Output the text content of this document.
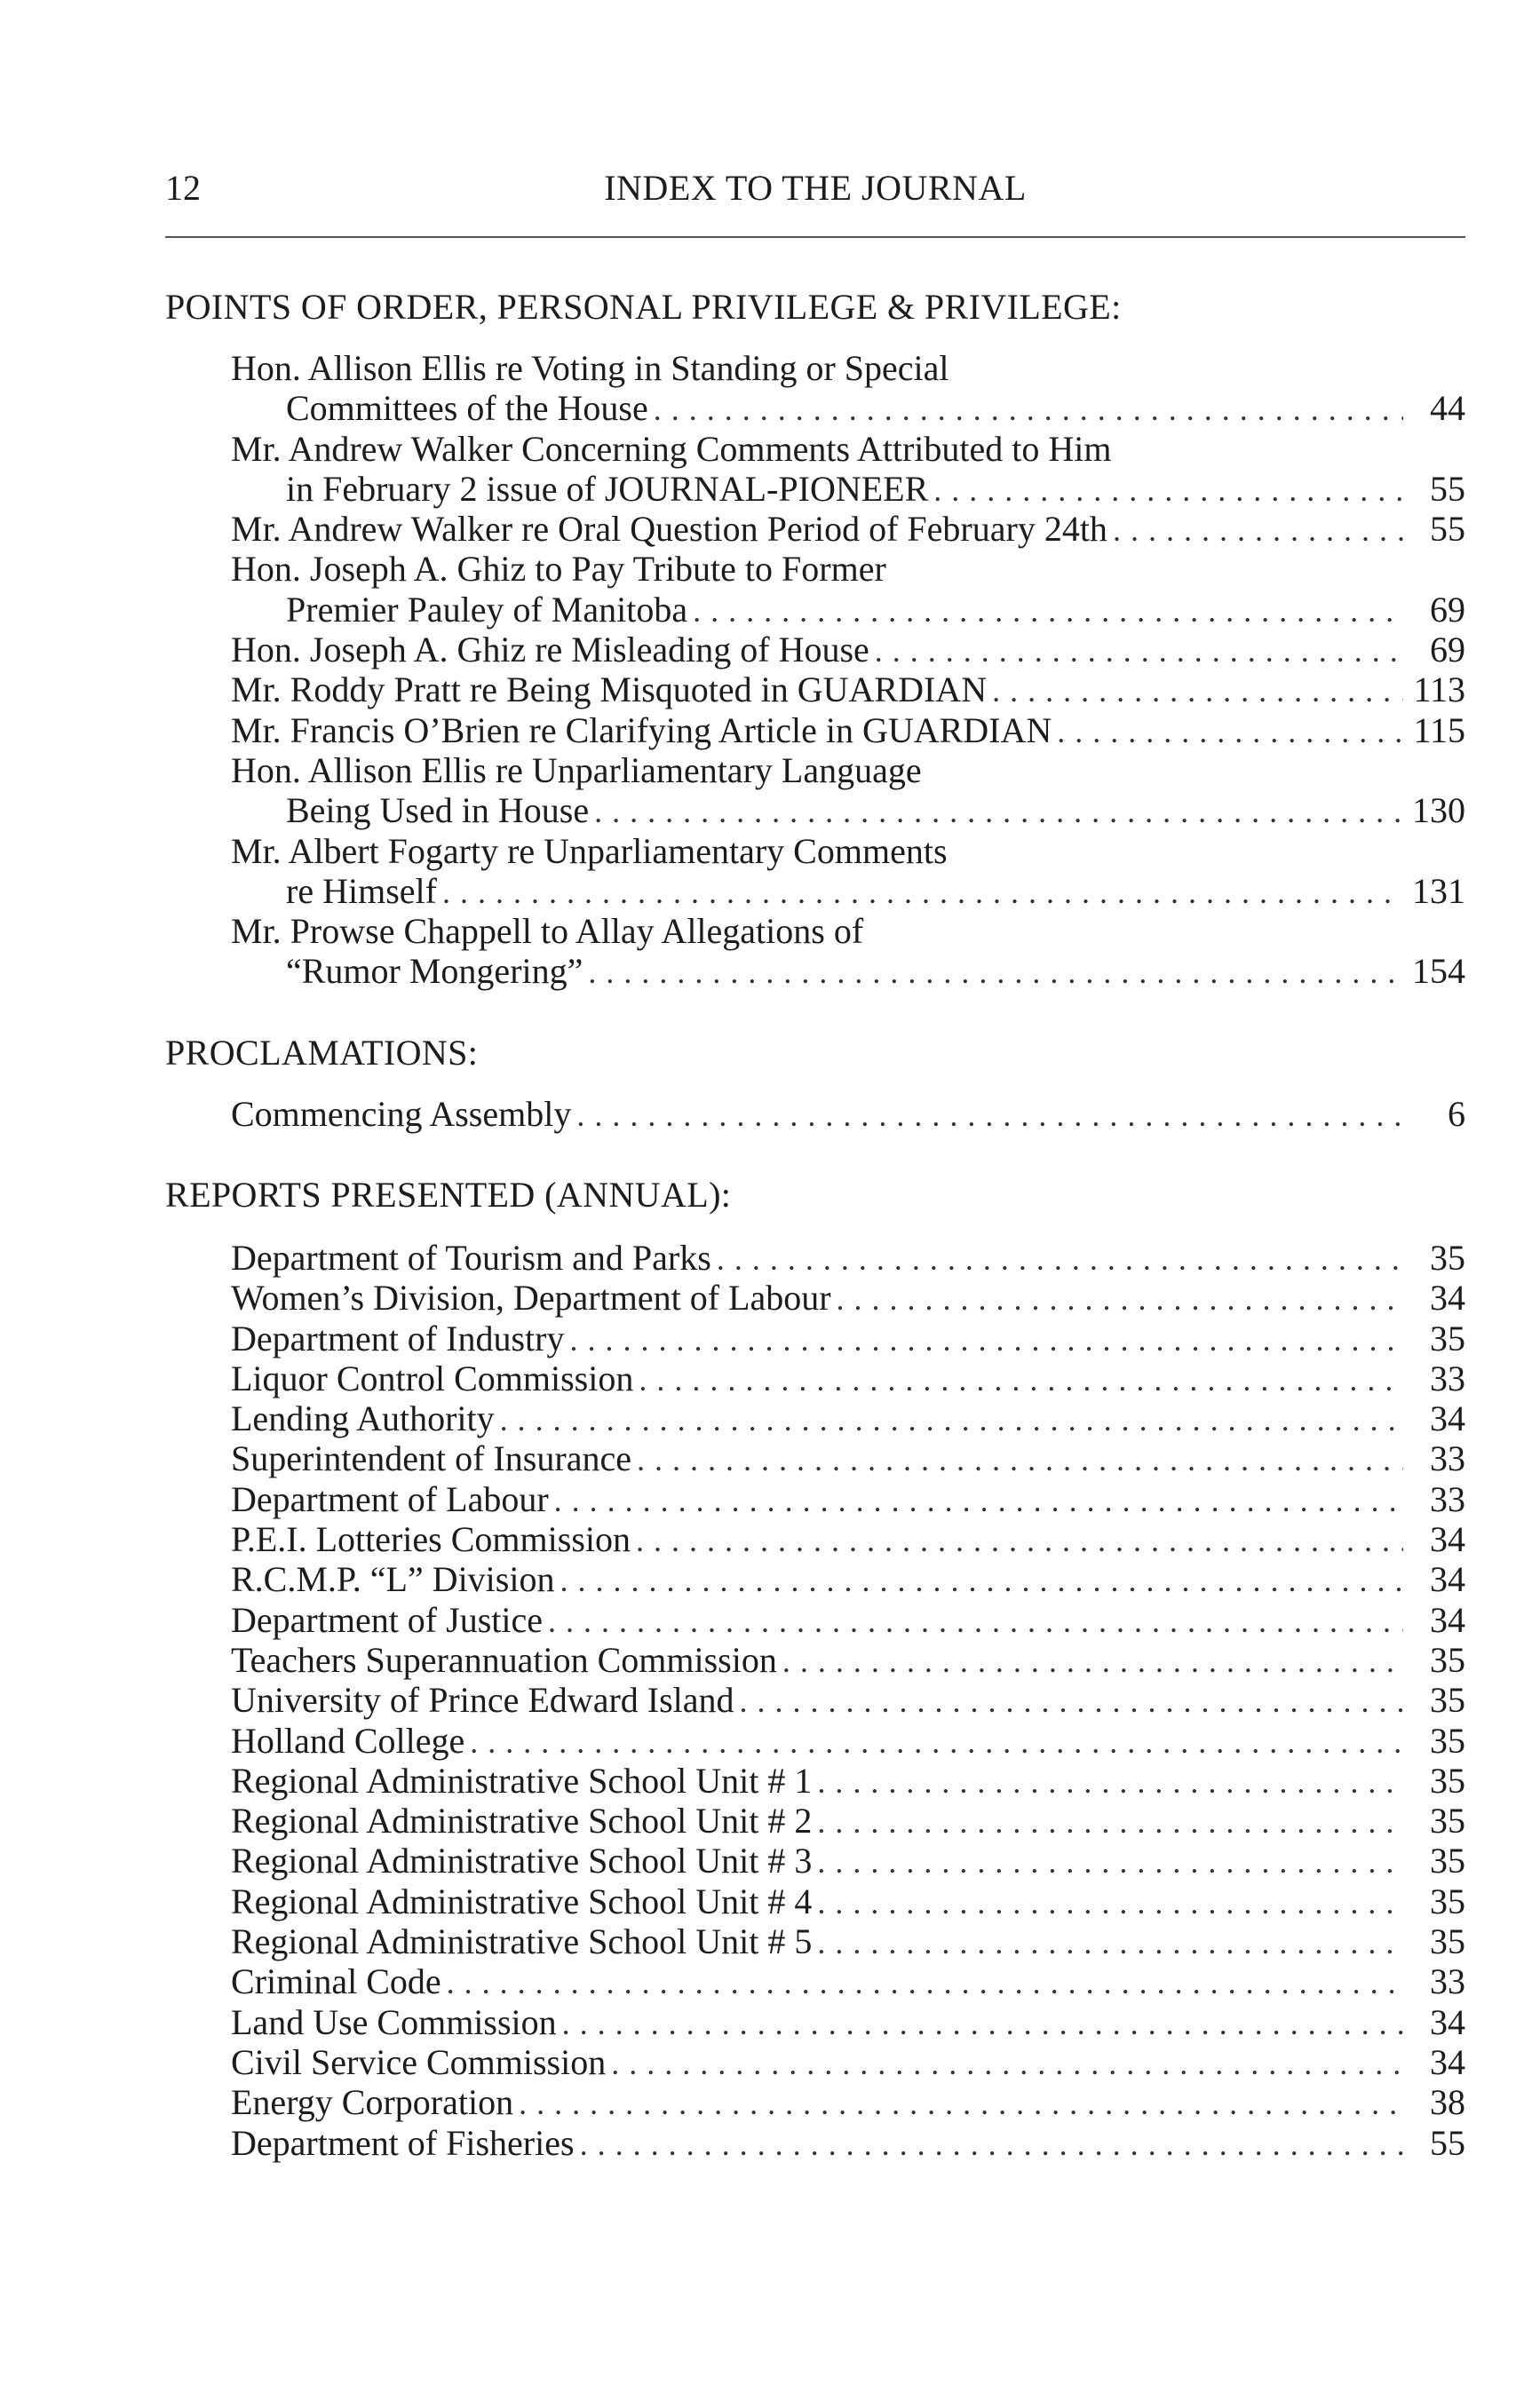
12	INDEX TO THE JOURNAL
POINTS OF ORDER, PERSONAL PRIVILEGE & PRIVILEGE:
Hon. Allison Ellis re Voting in Standing or Special
Committees of the House . . .	44
Mr. Andrew Walker Concerning Comments Attributed to Him
in February 2 issue of JOURNAL-PIONEER . . .	55
Mr. Andrew Walker re Oral Question Period of February 24th . . .	55
Hon. Joseph A. Ghiz to Pay Tribute to Former
Premier Pauley of Manitoba . . .	69
Hon. Joseph A. Ghiz re Misleading of House . . .	69
Mr. Roddy Pratt re Being Misquoted in GUARDIAN . . .	113
Mr. Francis O’Brien re Clarifying Article in GUARDIAN . . .	115
Hon. Allison Ellis re Unparliamentary Language
Being Used in House . . .	130
Mr. Albert Fogarty re Unparliamentary Comments
re Himself . . .	131
Mr. Prowse Chappell to Allay Allegations of
“Rumor Mongering” . . .	154
PROCLAMATIONS:
Commencing Assembly . . .	6
REPORTS PRESENTED (ANNUAL):
Department of Tourism and Parks . . .	35
Women’s Division, Department of Labour . . .	34
Department of Industry . . .	35
Liquor Control Commission . . .	33
Lending Authority . . .	34
Superintendent of Insurance . . .	33
Department of Labour . . .	33
P.E.I. Lotteries Commission . . .	34
R.C.M.P. “L” Division . . .	34
Department of Justice . . .	34
Teachers Superannuation Commission . . .	35
University of Prince Edward Island . . .	35
Holland College . . .	35
Regional Administrative School Unit # 1 . . .	35
Regional Administrative School Unit # 2 . . .	35
Regional Administrative School Unit # 3 . . .	35
Regional Administrative School Unit # 4 . . .	35
Regional Administrative School Unit # 5 . . .	35
Criminal Code . . .	33
Land Use Commission . . .	34
Civil Service Commission . . .	34
Energy Corporation . . .	38
Department of Fisheries . . .	55
